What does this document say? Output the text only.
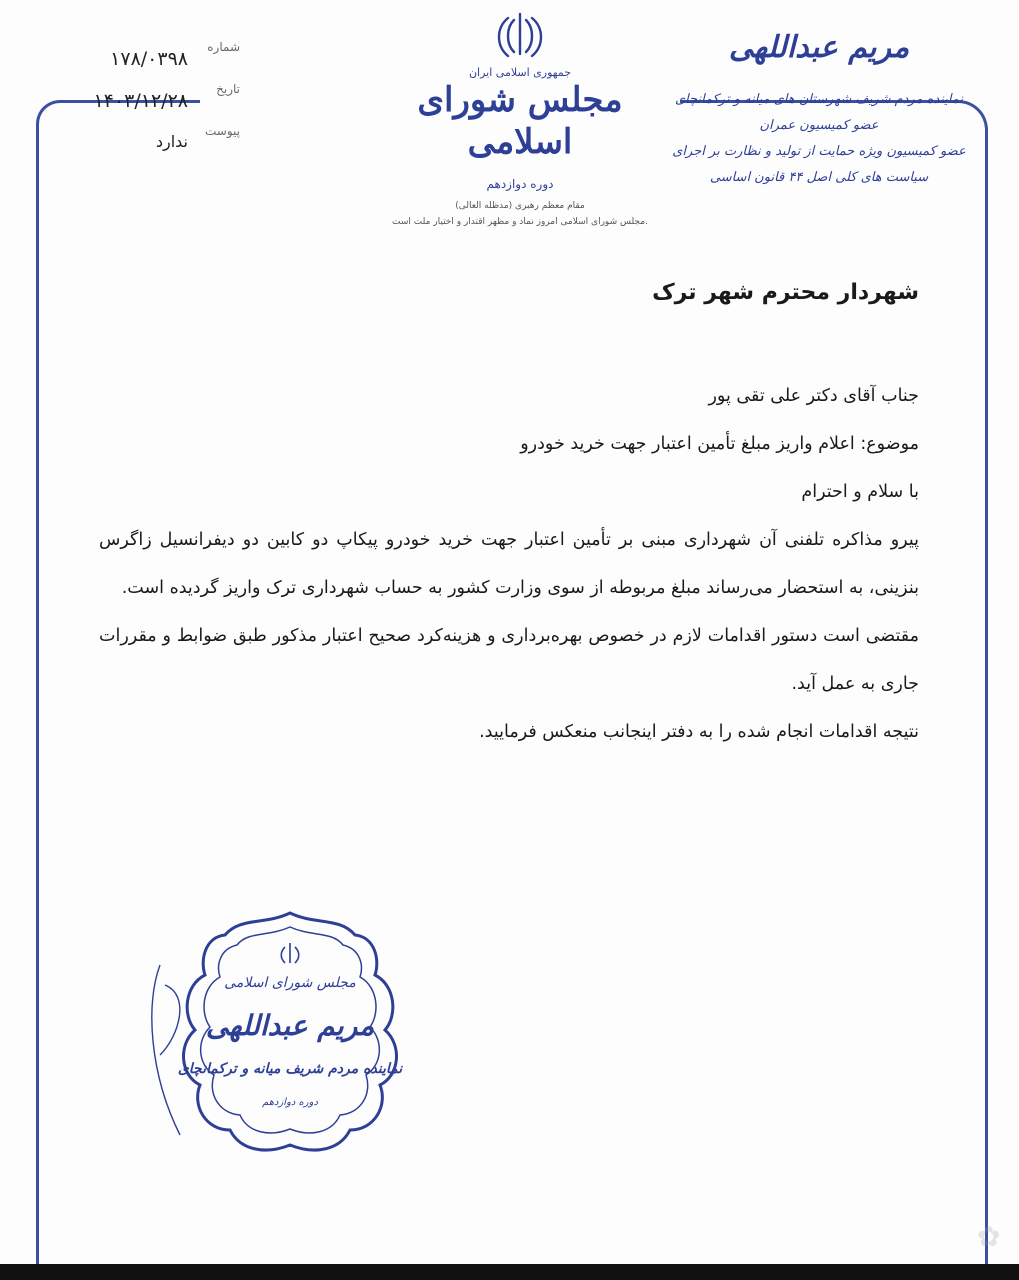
شماره
۱۷۸/۰۳۹۸
تاریخ
۱۴۰۳/۱۲/۲۸
پیوست
ندارد
جمهوری اسلامی ایران
مجلس شورای اسلامی
دوره دوازدهم
مقام معظم رهبری (مدظله العالی)
مجلس شورای اسلامی امروز نماد و مظهر اقتدار و اختیار ملت است.
مریم عبداللهی
نماینده مردم شریف شهرستان های میانه و ترکمانچای
عضو کمیسیون عمران
عضو کمیسیون ویژه حمایت از تولید و نظارت بر اجرای
سیاست های کلی اصل ۴۴ قانون اساسی
شهردار محترم شهر ترک

جناب آقای دکتر علی تقی پور

موضوع: اعلام واریز مبلغ تأمین اعتبار جهت خرید خودرو

با سلام و احترام

پیرو مذاکره تلفنی آن شهرداری مبنی بر تأمین اعتبار جهت خرید خودرو پیکاپ دو کابین دو دیفرانسیل زاگرس بنزینی، به استحضار می‌رساند مبلغ مربوطه از سوی وزارت کشور به حساب شهرداری ترک واریز گردیده است.

مقتضی است دستور اقدامات لازم در خصوص بهره‌برداری و هزینه‌کرد صحیح اعتبار مذکور طبق ضوابط و مقررات جاری به عمل آید.

نتیجه اقدامات انجام شده را به دفتر اینجانب منعکس فرمایید.

مجلس شورای اسلامی
مریم عبداللهی
نماینده مردم شریف میانه و ترکمانچای
دوره دوازدهم
✿
